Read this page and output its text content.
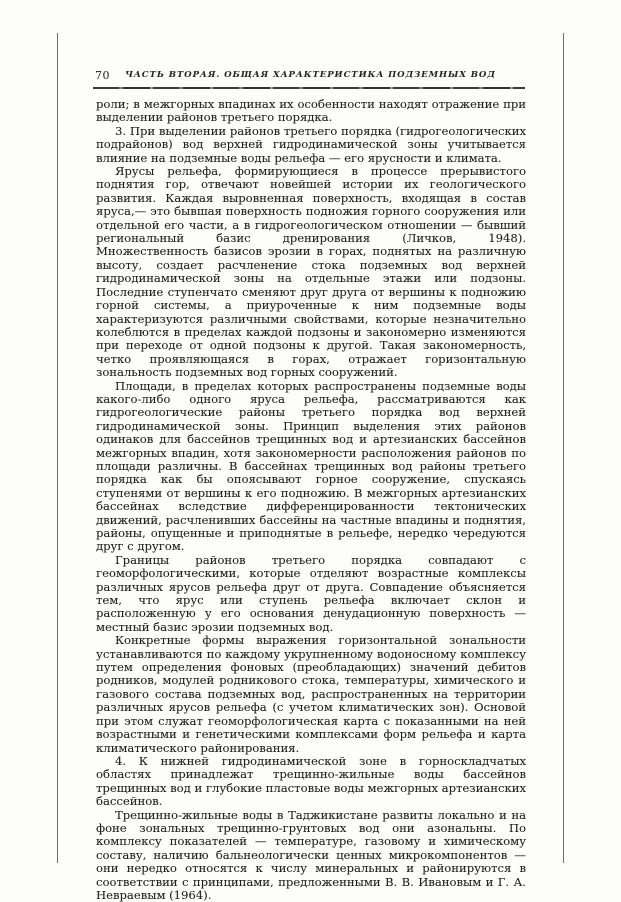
70	ЧАСТЬ ВТОРАЯ. ОБЩАЯ ХАРАКТЕРИСТИКА ПОДЗЕМНЫХ ВОД

роли; в межгорных впадинах их особенности находят отражение при выделении районов третьего порядка.

3. При выделении районов третьего порядка (гидрогеологических подрайонов) вод верхней гидродинамической зоны учитывается влияние на подземные воды рельефа — его ярусности и климата.

Ярусы рельефа, формирующиеся в процессе прерывистого поднятия гор, отвечают новейшей истории их геологического развития. Каждая выровненная поверхность, входящая в состав яруса,— это бывшая поверхность подножия горного сооружения или отдельной его части, а в гидрогеологическом отношении — бывший региональный базис дренирования (Личков, 1948). Множественность базисов эрозии в горах, поднятых на различную высоту, создает расчленение стока подземных вод верхней гидродинамической зоны на отдельные этажи или подзоны. Последние ступенчато сменяют друг друга от вершины к подножию горной системы, а приуроченные к ним подземные воды характеризуются различными свойствами, которые незначительно колеблются в пределах каждой подзоны и закономерно изменяются при переходе от одной подзоны к другой. Такая закономерность, четко проявляющаяся в горах, отражает горизонтальную зональность подземных вод горных сооружений.

Площади, в пределах которых распространены подземные воды какого-либо одного яруса рельефа, рассматриваются как гидрогеологические районы третьего порядка вод верхней гидродинамической зоны. Принцип выделения этих районов одинаков для бассейнов трещинных вод и артезианских бассейнов межгорных впадин, хотя закономерности расположения районов по площади различны. В бассейнах трещинных вод районы третьего порядка как бы опоясывают горное сооружение, спускаясь ступенями от вершины к его подножию. В межгорных артезианских бассейнах вследствие дифференцированности тектонических движений, расчленивших бассейны на частные впадины и поднятия, районы, опущенные и приподнятые в рельефе, нередко чередуются друг с другом.

Границы районов третьего порядка совпадают с геоморфологическими, которые отделяют возрастные комплексы различных ярусов рельефа друг от друга. Совпадение объясняется тем, что ярус или ступень рельефа включает склон и расположенную у его основания денудационную поверхность — местный базис эрозии подземных вод.

Конкретные формы выражения горизонтальной зональности устанавливаются по каждому укрупненному водоносному комплексу путем определения фоновых (преобладающих) значений дебитов родников, модулей родникового стока, температуры, химического и газового состава подземных вод, распространенных на территории различных ярусов рельефа (с учетом климатических зон). Основой при этом служат геоморфологическая карта с показанными на ней возрастными и генетическими комплексами форм рельефа и карта климатического районирования.

4. К нижней гидродинамической зоне в горноскладчатых областях принадлежат трещинно-жильные воды бассейнов трещинных вод и глубокие пластовые воды межгорных артезианских бассейнов.

Трещинно-жильные воды в Таджикистане развиты локально и на фоне зональных трещинно-грунтовых вод они азональны. По комплексу показателей — температуре, газовому и химическому составу, наличию бальнеологически ценных микрокомпонентов — они нередко относятся к числу минеральных и районируются в соответствии с принципами, предложенными В. В. Ивановым и Г. А. Невраевым (1964).
